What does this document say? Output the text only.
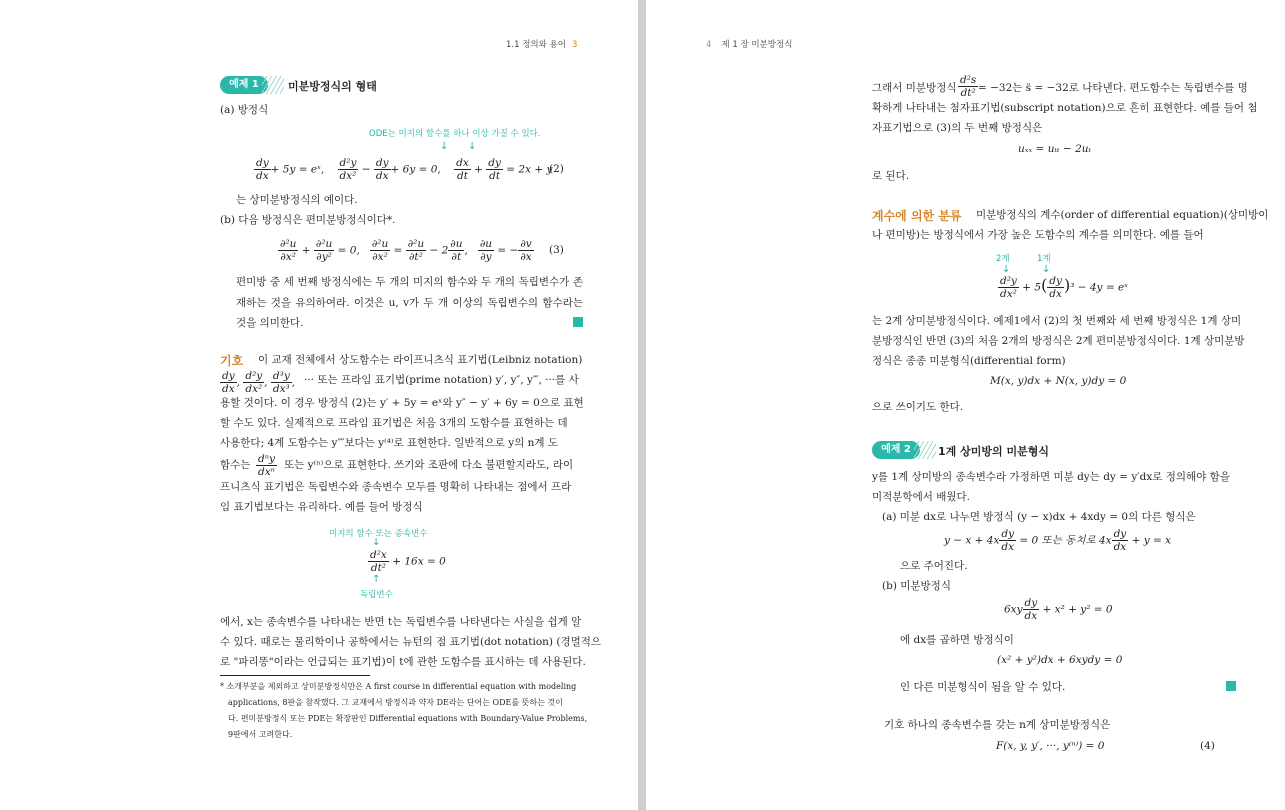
1.1 정의와 용어 3
예제 1	미분방정식의 형태
(a) 방정식
ODE는 미지의 함수를 하나 이상 가질 수 있다.
↓ ↓
$\frac{dy}{dx} + 5y$ = eˣ, $\frac{\text{d²y}}{\text{dx²}} - \frac{dy}{dx} + 6y = 0$, $\frac{dx}{dt} + \frac{dy}{dt} = 2x + y$
(2)
는 상미분방정식의 예이다.
(b) 다음 방정식은 편미분방정식이다*.
$\frac{\text{∂²u}}{\text{∂x²}} + \frac{\text{∂²u}}{\text{∂y²}} = 0$, $\frac{\text{∂²u}}{\text{∂x²}} = \frac{\text{∂²u}}{\text{∂t²}} - 2 \frac{\partial u}{\partial t}$ , $\frac{\partial u}{\partial y}$ = − $\frac{\partial v}{\partial x} (3)$
편미방 중 세 번째 방정식에는 두 개의 미지의 함수와 두 개의 독립변수가 존재하는 것을 유의하여라. 이것은 u, v가 두 개 이상의 독립변수의 함수라는 것을 의미한다.
기호 이 교재 전체에서 상도함수는 라이프니츠식 표기법(Leibniz notation)
$\frac{dy}{dx}$ , $\frac{\text{d²y}}{\text{dx²}}$ , $\frac{\text{d³y}}{\text{dx³}}$ , ··· 또는 프라임 표기법(prime notation) y′, y″, y‴, ···를 사
용할 것이다. 이 경우 방정식 (2)는 y′ + 5y = eˣ와 y″ − y′ + 6y = 0으로 표현
할 수도 있다. 실제적으로 프라임 표기법은 처음 3개의 도함수를 표현하는 데
사용한다; 4계 도함수는 y⁗보다는 y⁽⁴⁾로 표현한다. 일반적으로 y의 n계 도
함수는 $\frac{\text{dⁿy}}{\text{dxⁿ}}$ 또는 y⁽ⁿ⁾으로 표현한다. 쓰기와 조판에 다소 불편할지라도, 라이
프니츠식 표기법은 독립변수와 종속변수 모두를 명확히 나타내는 점에서 프라
임 표기법보다는 유리하다. 예를 들어 방정식
미지의 함수 또는 종속변수
↓
$\frac{\text{d²x}}{\text{dt²}} + 16x = 0$
↑
독립변수
에서, x는 종속변수를 나타내는 반면 t는 독립변수를 나타낸다는 사실을 쉽게 알
수 있다. 때로는 물리학이나 공학에서는 뉴턴의 점 표기법(dot notation) (경멸적으
로 "파리똥"이라는 언급되는 표기법)이 t에 관한 도함수를 표시하는 데 사용된다.
* 소개부분을 제외하고 상미분방정식만은 A first course in differential equation with modeling
applications, 8판을 참작했다. 그 교재에서 방정식과 약자 DE라는 단어는 ODE를 뜻하는 것이
다. 편미분방정식 또는 PDE는 확장판인 Differential equations with Boundary-Value Problems,
9판에서 고려한다.
4 제 1 장 미분방정식
그래서 미분방정식 $\frac{\text{d²s}}{\text{dt²}} = -32$는 s̈ = −32로 나타낸다. 편도함수는 독립변수를 명
확하게 나타내는 첨자표기법(subscript notation)으로 흔히 표현한다. 예를 들어 첨
자표기법으로 (3)의 두 번째 방정식은
uₓₓ = uₜₜ − 2uₜ
로 된다.
계수에 의한 분류 미분방정식의 계수(order of differential equation)(상미방이
나 편미방)는 방정식에서 가장 높은 도함수의 계수를 의미한다. 예를 들어
2계	1계
↓	↓
$\frac{\text{d²y}}{\text{dx²}} + 5( \frac{dy}{dx} )^3 - 4y$ = eˣ
는 2계 상미분방정식이다. 예제1에서 (2)의 첫 번째와 세 번째 방정식은 1계 상미
분방정식인 반면 (3)의 처음 2개의 방정식은 2계 편미분방정식이다. 1계 상미분방
정식은 종종 미분형식(differential form)
M(x, y)dx + N(x, y)dy = 0
으로 쓰이기도 한다.
예제 2	1계 상미방의 미분형식
y를 1계 상미방의 종속변수라 가정하면 미분 dy는 dy = y′dx로 정의해야 함을
미적분학에서 배웠다.
(a) 미분 dx로 나누면 방정식 (y − x)dx + 4xdy = 0의 다른 형식은
$y - x + 4x \frac{dy}{dx} = 0$ 또는 동치로 $4x \frac{dy}{dx} + y = x$
으로 주어진다.
(b) 미분방정식
$6xy \frac{dy}{dx} + x^2 + y^2 = 0$
에 dx를 곱하면 방정식이
(x² + y²)dx + 6xydy = 0
인 다른 미분형식이 됨을 알 수 있다.
기호 하나의 종속변수를 갖는 n계 상미분방정식은
F(x, y, y′, ···, y⁽ⁿ⁾) = 0	(4)
